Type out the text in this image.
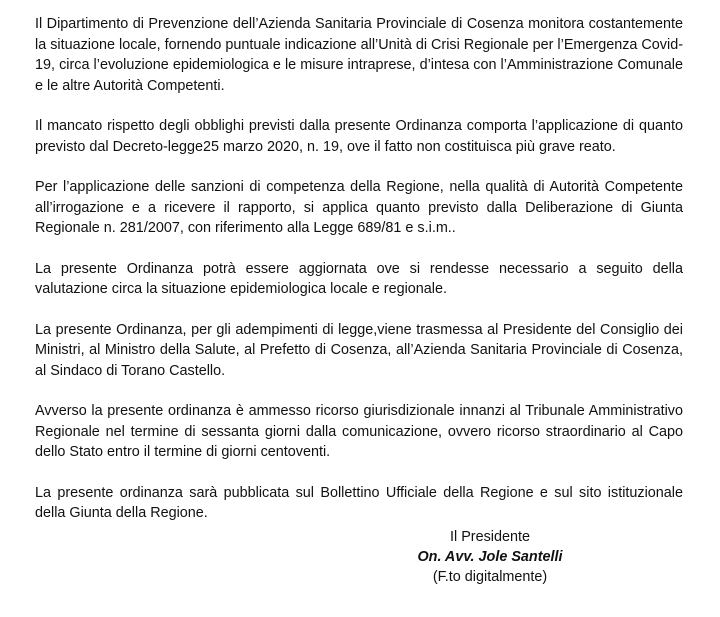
Il Dipartimento di Prevenzione dell’Azienda Sanitaria Provinciale di Cosenza monitora costantemente la situazione locale, fornendo puntuale indicazione all’Unità di Crisi Regionale per l’Emergenza Covid-19, circa l’evoluzione epidemiologica e le misure intraprese, d’intesa con l’Amministrazione Comunale e le altre Autorità Competenti.

Il mancato rispetto degli obblighi previsti dalla presente Ordinanza comporta l’applicazione di quanto previsto dal Decreto-legge25 marzo 2020, n. 19, ove il fatto non costituisca più grave reato.

Per l’applicazione delle sanzioni di competenza della Regione, nella qualità di Autorità Competente all’irrogazione e a ricevere il rapporto, si applica quanto previsto dalla Deliberazione di Giunta Regionale n. 281/2007, con riferimento alla Legge 689/81 e s.i.m..

La presente Ordinanza potrà essere aggiornata ove si rendesse necessario a seguito della valutazione circa la situazione epidemiologica locale e regionale.

La presente Ordinanza, per gli adempimenti di legge,viene trasmessa al Presidente del Consiglio dei Ministri, al Ministro della Salute, al Prefetto di Cosenza, all’Azienda Sanitaria Provinciale di Cosenza, al Sindaco di Torano Castello.

Avverso la presente ordinanza è ammesso ricorso giurisdizionale innanzi al Tribunale Amministrativo Regionale nel termine di sessanta giorni dalla comunicazione, ovvero ricorso straordinario al Capo dello Stato entro il termine di giorni centoventi.

La presente ordinanza sarà pubblicata sul Bollettino Ufficiale della Regione e sul sito istituzionale della Giunta della Regione.

Il Presidente
On. Avv. Jole Santelli
(F.to digitalmente)
